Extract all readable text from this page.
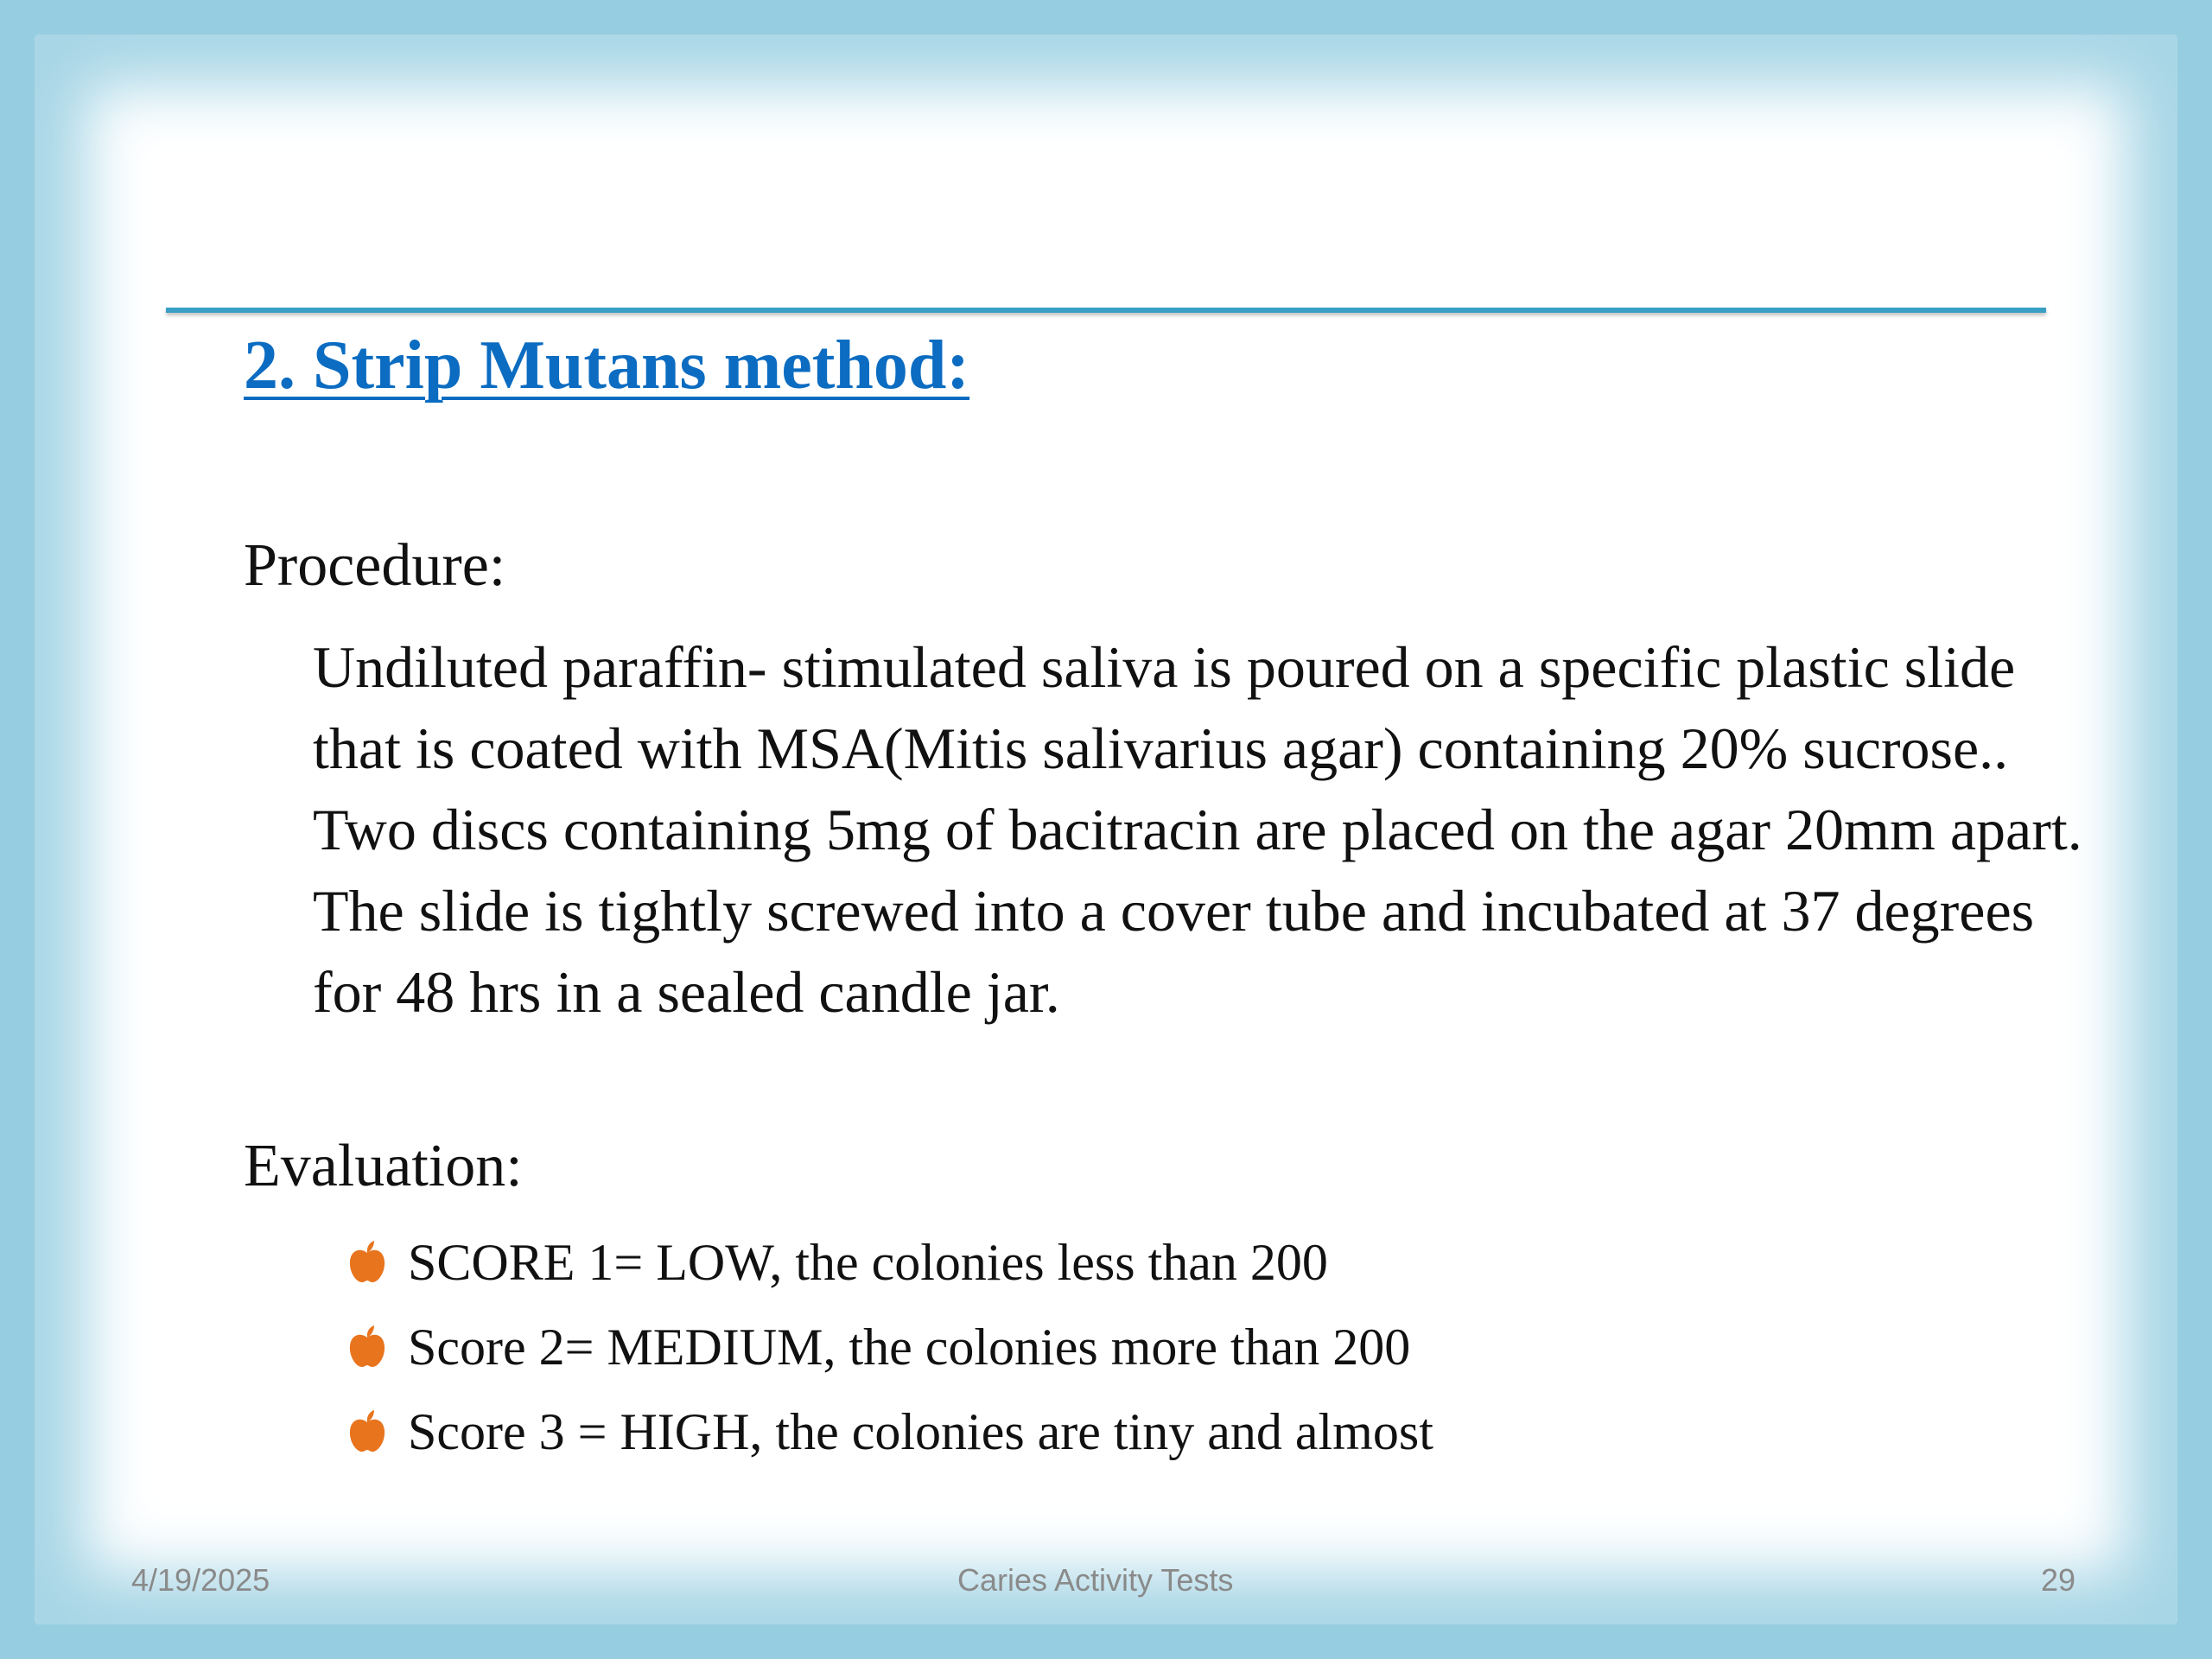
2. Strip Mutans method:

Procedure:

Undiluted paraffin- stimulated saliva is poured on a specific plastic slide that is coated with MSA(Mitis salivarius agar) containing 20% sucrose.. Two discs containing 5mg of bacitracin are placed on the agar 20mm apart. The slide is tightly screwed into a cover tube and incubated at 37 degrees for 48 hrs in a sealed candle jar.

Evaluation:

SCORE 1= LOW, the colonies less than 200
Score 2= MEDIUM, the colonies more than 200
Score 3 = HIGH, the colonies are tiny and almost
4/19/2025	Caries Activity Tests	29
